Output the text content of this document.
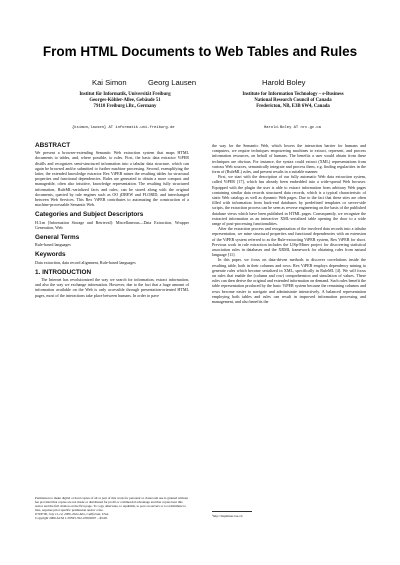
From HTML Documents to Web Tables and Rules
Kai Simon	Georg Lausen	Harold Boley
Institut für Informatik, Universität Freiburg
Georges-Köhler-Allee, Gebäude 51
79110 Freiburg i.Br., Germany
Institute for Information Technology – e-Business
National Research Council of Canada
Fredericton, NB, E3B 6W4, Canada
{ksimon,lausen} AT informatik.uni-freiburg.de	Harold.Boley AT nrc.gc.ca
ABSTRACT

We present a browser-extending Semantic Web extraction system that maps HTML documents to tables, and, where possible, to rules. First, the basic data extractor ViPER distills and recognizes semi-structured information into a tabular data structure, which can again be browsed and/or submitted to further machine processing. Second, exemplifying the latter, the extended knowledge extractor Rex ViPER mines the resulting tables for structural properties and functional dependencies. Rules are generated to obtain a more compact and manageable, often also intuitive, knowledge representation. The resulting fully structured information, RuleML-serialized facts and rules, can be stored along with the original documents, queried by rule engines such as OO jDREW and FLORID, and interchanged between Web Services. This Rex ViPER contributes to automating the construction of a machine-processable Semantic Web.

Categories and Subject Descriptors

H.3.m [Information Storage and Retrieval]: Miscellaneous—Data Extraction, Wrapper Generation, Web

General Terms

Rule-based languages

Keywords

Data extraction, data record alignment, Rule-based languages

1. INTRODUCTION

The Internet has revolutionized the way we search for information, extract information, and also the way we exchange information. However, due to the fact that a huge amount of information available on the Web is only accessible through presentation-oriented HTML pages, most of the interactions take place between humans. In order to pave

Permission to make digital or hard copies of all or part of this work for personal or classroom use is granted without fee provided that copies are not made or distributed for profit or commercial advantage and that copies bear this notice and the full citation on the first page. To copy otherwise, to republish, to post on servers or to redistribute to lists, requires prior specific permission and/or a fee.
ICWE'06, July 11-14, 2006, Palo Alto, California, USA.
Copyright 2006 ACM 1-59593-352-2/06/0007 ...$5.00.

the way for the Semantic Web, which lowers the interaction barrier for humans and computers, we require techniques empowering machines to extract, represent, and process information resources, on behalf of humans. The benefits a user would obtain from these techniques are obvious. For instance, the syntax could extract (XML) representations from various Web sources, semantically integrate and process them, e.g. finding regularities in the form of (RuleML) rules, and present results in a suitable manner.

First, we start with the description of our fully automatic Web data extraction system, called ViPER [17], which has already been embedded into a wide-spread Web browser. Equipped with the plugin the user is able to extract information from arbitrary Web pages containing similar data records structured data records, which is a typical characteristic of static Web catalogs as well as dynamic Web pages. Due to the fact that these sites are often filled with information from back-end databases by predefined templates or server-side scripts, the extraction process can be seen as reverse engineering on the basis of the published database views which have been published in HTML pages. Consequently, we recognize the extracted information as an interactive XML-serialized table opening the door to a wide range of post-processing functionalities.

After the extraction process and reorganization of the involved data records into a tabular representation, we mine structural properties and functional dependencies with an extension of the ViPER system referred to as the Rule-extracting ViPER system, Rex ViPER for short. Previous work in rule extraction includes the LISp-Miner project for discovering statistical association rules in databases and the XRML framework for obtaining rules from natural language [11].

In this paper, we focus on data-driven methods to discover correlations inside the resulting table, both in their columns and rows. Rex ViPER employs dependency mining to generate rules which become serialized in XML, specifically in RuleML [4]. We will focus on rules that enable the (column and row) comprehension and simulation of values. These rules can then derive the original and extended information on demand. Such rules benefit the table representation produced by the basic ViPER system because the remaining columns and rows become easier to navigate and administrate interactively. A balanced representation employing both tables and rules can result in improved information processing and management, and also benefits the

¹http://lispminer.vse.cz/
